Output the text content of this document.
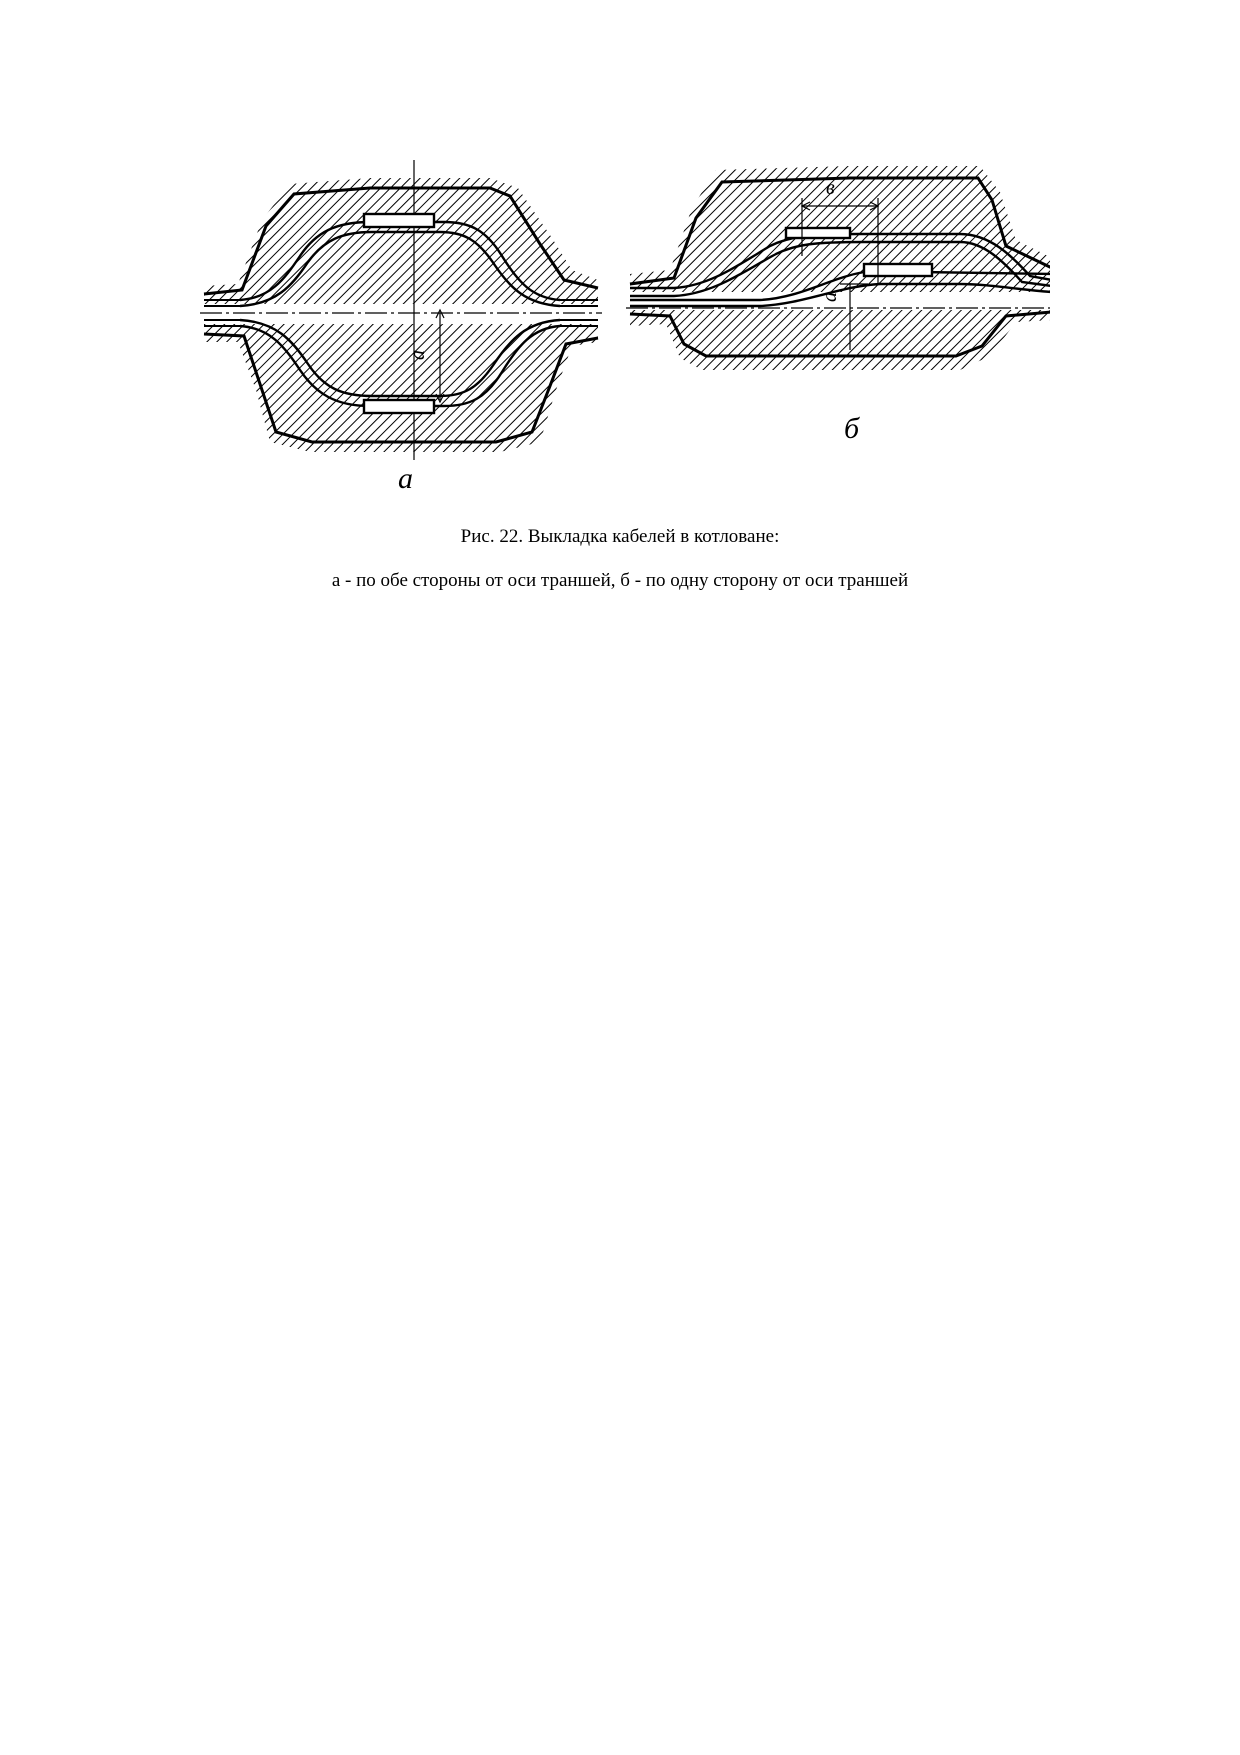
а
в
а
а
б
Рис. 22. Выкладка кабелей в котловане:
а - по обе стороны от оси траншей, б - по одну сторону от оси траншей
